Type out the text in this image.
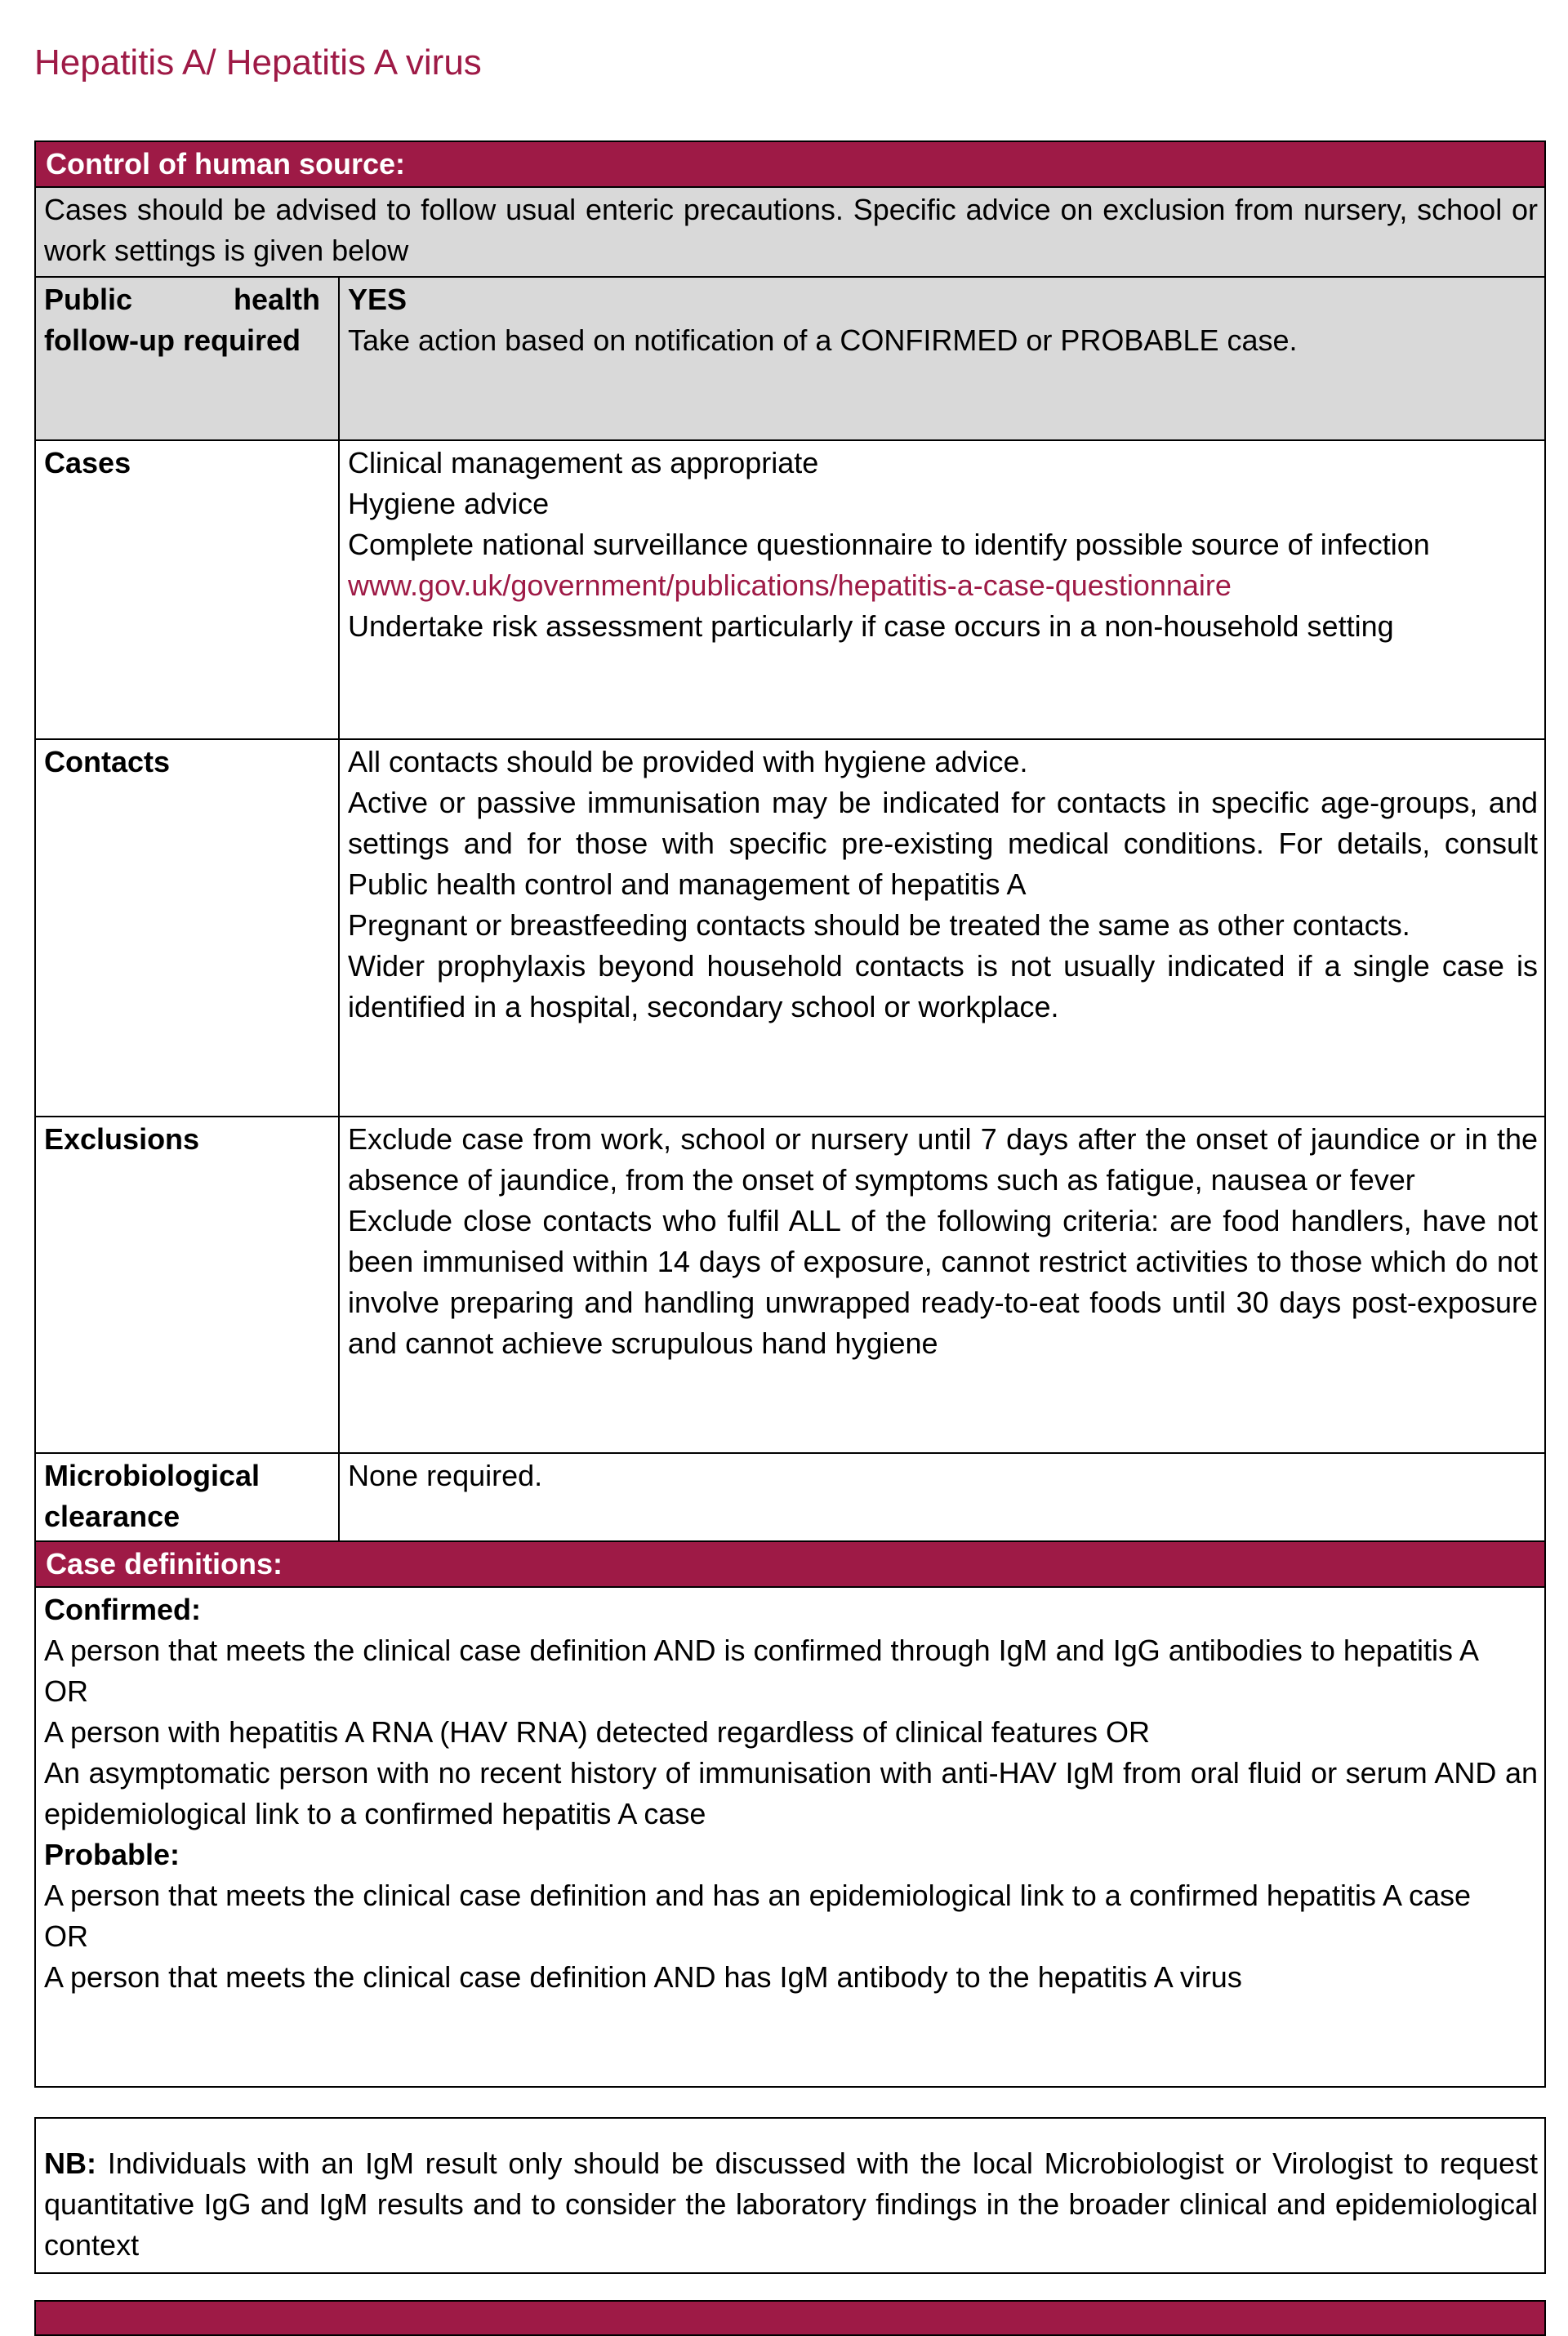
Hepatitis A/ Hepatitis A virus
Control of human source:	
Cases should be advised to follow usual enteric precautions. Specific advice on exclusion from nursery, school or work settings is given below	
Public health follow-up required	YES

Take action based on notification of a CONFIRMED or PROBABLE case.

Cases	Clinical management as appropriate

Hygiene advice

Complete national surveillance questionnaire to identify possible source of infection

www.gov.uk/government/publications/hepatitis-a-case-questionnaire

Undertake risk assessment particularly if case occurs in a non-household setting

Contacts	All contacts should be provided with hygiene advice.

Active or passive immunisation may be indicated for contacts in specific age-groups, and settings and for those with specific pre-existing medical conditions. For details, consult Public health control and management of hepatitis A

Pregnant or breastfeeding contacts should be treated the same as other contacts.

Wider prophylaxis beyond household contacts is not usually indicated if a single case is identified in a hospital, secondary school or workplace.

Exclusions	Exclude case from work, school or nursery until 7 days after the onset of jaundice or in the absence of jaundice, from the onset of symptoms such as fatigue, nausea or fever

Exclude close contacts who fulfil ALL of the following criteria: are food handlers, have not been immunised within 14 days of exposure, cannot restrict activities to those which do not involve preparing and handling unwrapped ready-to-eat foods until 30 days post-exposure and cannot achieve scrupulous hand hygiene

Microbiological clearance	None required.

Case definitions:	

Confirmed:

A person that meets the clinical case definition AND is confirmed through IgM and IgG antibodies to hepatitis A

OR

A person with hepatitis A RNA (HAV RNA) detected regardless of clinical features OR

An asymptomatic person with no recent history of immunisation with anti-HAV IgM from oral fluid or serum AND an epidemiological link to a confirmed hepatitis A case

Probable:

A person that meets the clinical case definition and has an epidemiological link to a confirmed hepatitis A case

OR

A person that meets the clinical case definition AND has IgM antibody to the hepatitis A virus

NB: Individuals with an IgM result only should be discussed with the local Microbiologist or Virologist to request quantitative IgG and IgM results and to consider the laboratory findings in the broader clinical and epidemiological context
